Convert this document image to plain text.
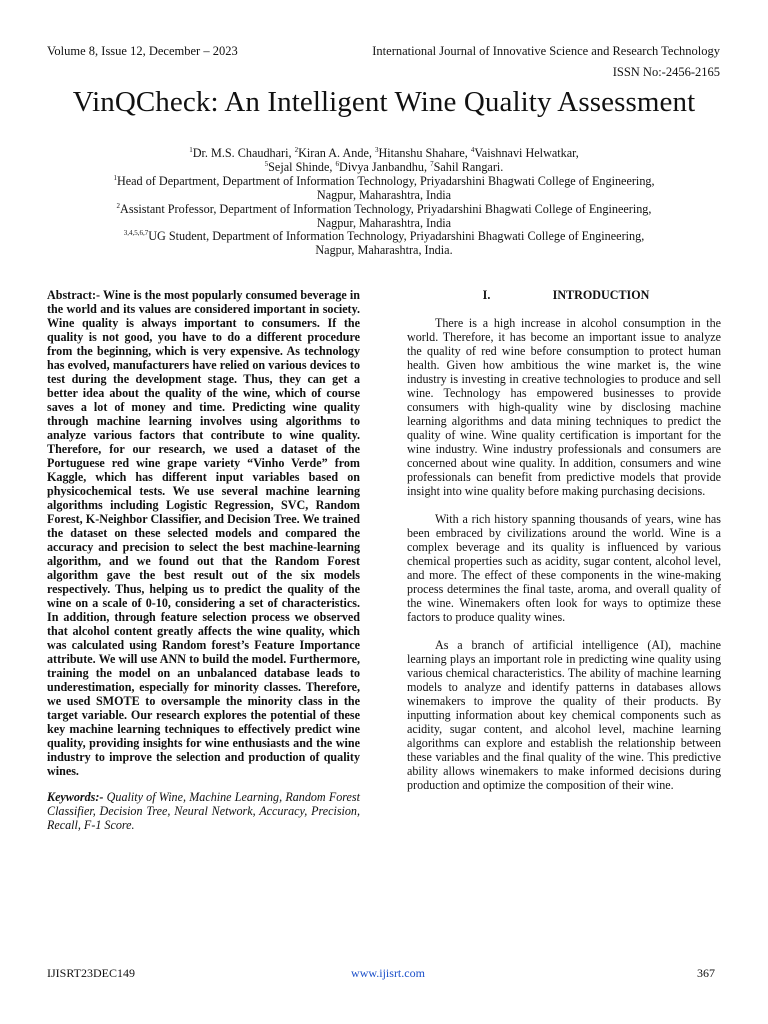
Volume 8, Issue 12, December – 2023	International Journal of Innovative Science and Research Technology
ISSN No:-2456-2165
VinQCheck: An Intelligent Wine Quality Assessment

$^1$Dr. M.S. Chaudhari, $^2$Kiran A. Ande, $^3$Hitanshu Shahare, $^4$Vaishnavi Helwatkar,

$^5$Sejal Shinde, $^6$Divya Janbandhu, $^7$Sahil Rangari.

$^1$Head of Department, Department of Information Technology, Priyadarshini Bhagwati College of Engineering,

Nagpur, Maharashtra, India

$^2$Assistant Professor, Department of Information Technology, Priyadarshini Bhagwati College of Engineering,

Nagpur, Maharashtra, India

$^{3,4,5,6,7}$UG Student, Department of Information Technology, Priyadarshini Bhagwati College of Engineering,

Nagpur, Maharashtra, India.

Abstract:- Wine is the most popularly consumed beverage in the world and its values are considered important in society. Wine quality is always important to consumers. If the quality is not good, you have to do a different procedure from the beginning, which is very expensive. As technology has evolved, manufacturers have relied on various devices to test during the development stage. Thus, they can get a better idea about the quality of the wine, which of course saves a lot of money and time. Predicting wine quality through machine learning involves using algorithms to analyze various factors that contribute to wine quality. Therefore, for our research, we used a dataset of the Portuguese red wine grape variety “Vinho Verde” from Kaggle, which has different input variables based on physicochemical tests. We use several machine learning algorithms including Logistic Regression, SVC, Random Forest, K-Neighbor Classifier, and Decision Tree. We trained the dataset on these selected models and compared the accuracy and precision to select the best machine-learning algorithm, and we found out that the Random Forest algorithm gave the best result out of the six models respectively. Thus, helping us to predict the quality of the wine on a scale of 0-10, considering a set of characteristics. In addition, through feature selection process we observed that alcohol content greatly affects the wine quality, which was calculated using Random forest’s Feature Importance attribute. We will use ANN to build the model. Furthermore, training the model on an unbalanced database leads to underestimation, especially for minority classes. Therefore, we used SMOTE to oversample the minority class in the target variable. Our research explores the potential of these key machine learning techniques to effectively predict wine quality, providing insights for wine enthusiasts and the wine industry to improve the selection and production of quality wines.

Keywords:- Quality of Wine, Machine Learning, Random Forest Classifier, Decision Tree, Neural Network, Accuracy, Precision, Recall, F-1 Score.

I.	INTRODUCTION

There is a high increase in alcohol consumption in the world. Therefore, it has become an important issue to analyze the quality of red wine before consumption to protect human health. Given how ambitious the wine market is, the wine industry is investing in creative technologies to produce and sell wine. Technology has empowered businesses to provide consumers with high-quality wine by disclosing machine learning algorithms and data mining techniques to predict the quality of wine. Wine quality certification is important for the wine industry. Wine industry professionals and consumers are concerned about wine quality. In addition, consumers and wine professionals can benefit from predictive models that provide insight into wine quality before making purchasing decisions.

With a rich history spanning thousands of years, wine has been embraced by civilizations around the world. Wine is a complex beverage and its quality is influenced by various chemical properties such as acidity, sugar content, alcohol level, and more. The effect of these components in the wine-making process determines the final taste, aroma, and overall quality of the wine. Winemakers often look for ways to optimize these factors to produce quality wines.

As a branch of artificial intelligence (AI), machine learning plays an important role in predicting wine quality using various chemical characteristics. The ability of machine learning models to analyze and identify patterns in databases allows winemakers to improve the quality of their products. By inputting information about key chemical components such as acidity, sugar content, and alcohol level, machine learning algorithms can explore and establish the relationship between these variables and the final quality of the wine. This predictive ability allows winemakers to make informed decisions during production and optimize the composition of their wine.

IJISRT23DEC149	www.ijisrt.com	367
